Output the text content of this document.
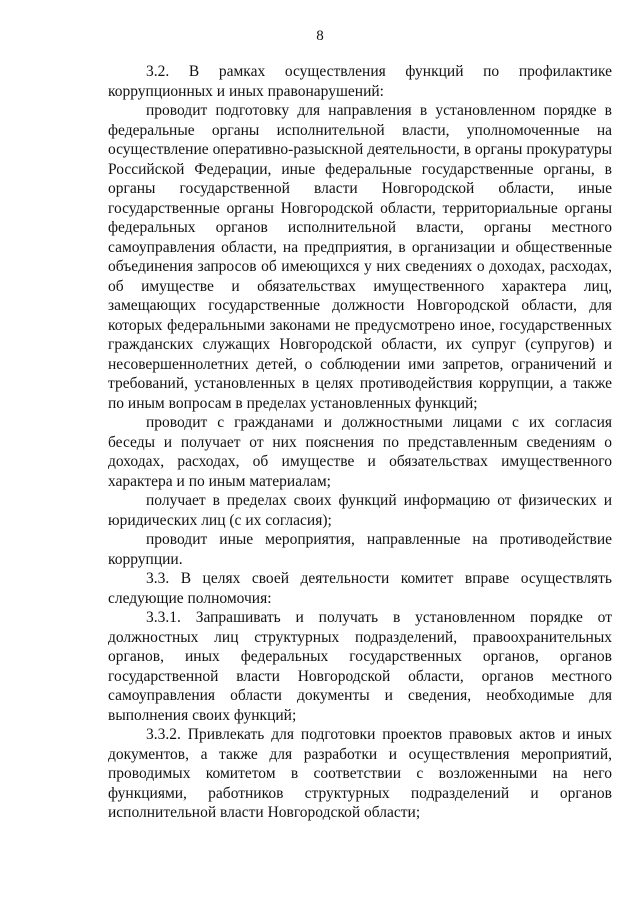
8

3.2. В рамках осуществления функций по профилактике коррупционных и иных правонарушений:

проводит подготовку для направления в установленном порядке в федеральные органы исполнительной власти, уполномоченные на осуществление оперативно-разыскной деятельности, в органы прокуратуры Российской Федерации, иные федеральные государственные органы, в органы государственной власти Новгородской области, иные государственные органы Новгородской области, территориальные органы федеральных органов исполнительной власти, органы местного самоуправления области, на предприятия, в организации и общественные объединения запросов об имеющихся у них сведениях о доходах, расходах, об имуществе и обязательствах имущественного характера лиц, замещающих государственные должности Новгородской области, для которых федеральными законами не предусмотрено иное, государственных гражданских служащих Новгородской области, их супруг (супругов) и несовершеннолетних детей, о соблюдении ими запретов, ограничений и требований, установленных в целях противодействия коррупции, а также по иным вопросам в пределах установленных функций;

проводит с гражданами и должностными лицами с их согласия беседы и получает от них пояснения по представленным сведениям о доходах, расходах, об имуществе и обязательствах имущественного характера и по иным материалам;

получает в пределах своих функций информацию от физических и юридических лиц (с их согласия);

проводит иные мероприятия, направленные на противодействие коррупции.

3.3. В целях своей деятельности комитет вправе осуществлять следующие полномочия:

3.3.1. Запрашивать и получать в установленном порядке от должностных лиц структурных подразделений, правоохранительных органов, иных федеральных государственных органов, органов государственной власти Новгородской области, органов местного самоуправления области документы и сведения, необходимые для выполнения своих функций;

3.3.2. Привлекать для подготовки проектов правовых актов и иных документов, а также для разработки и осуществления мероприятий, проводимых комитетом в соответствии с возложенными на него функциями, работников структурных подразделений и органов исполнительной власти Новгородской области;
